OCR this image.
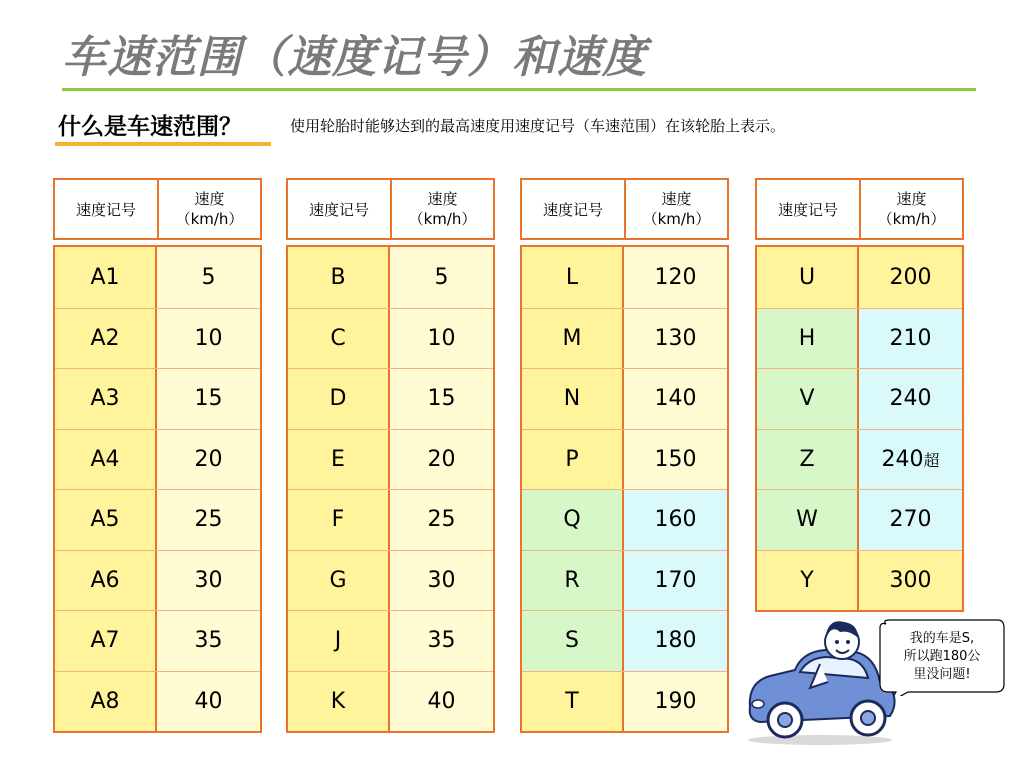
车速范围（速度记号）和速度
什么是车速范围？	使用轮胎时能够达到的最高速度用速度记号（车速范围）在该轮胎上表示。
速度记号
速度
（km/h）
速度记号
速度
（km/h）
速度记号
速度
（km/h）
速度记号
速度
（km/h）
A1	5
A2	10
A3	15
A4	20
A5	25
A6	30
A7	35
A8	40
B	5
C	10
D	15
E	20
F	25
G	30
J	35
K	40
L	120
M	130
N	140
P	150
Q	160
R	170
S	180
T	190
U	200
H	210
V	240
Z	240 超
W	270
Y	300
我的车是S,
所以跑180公
里没问题!
